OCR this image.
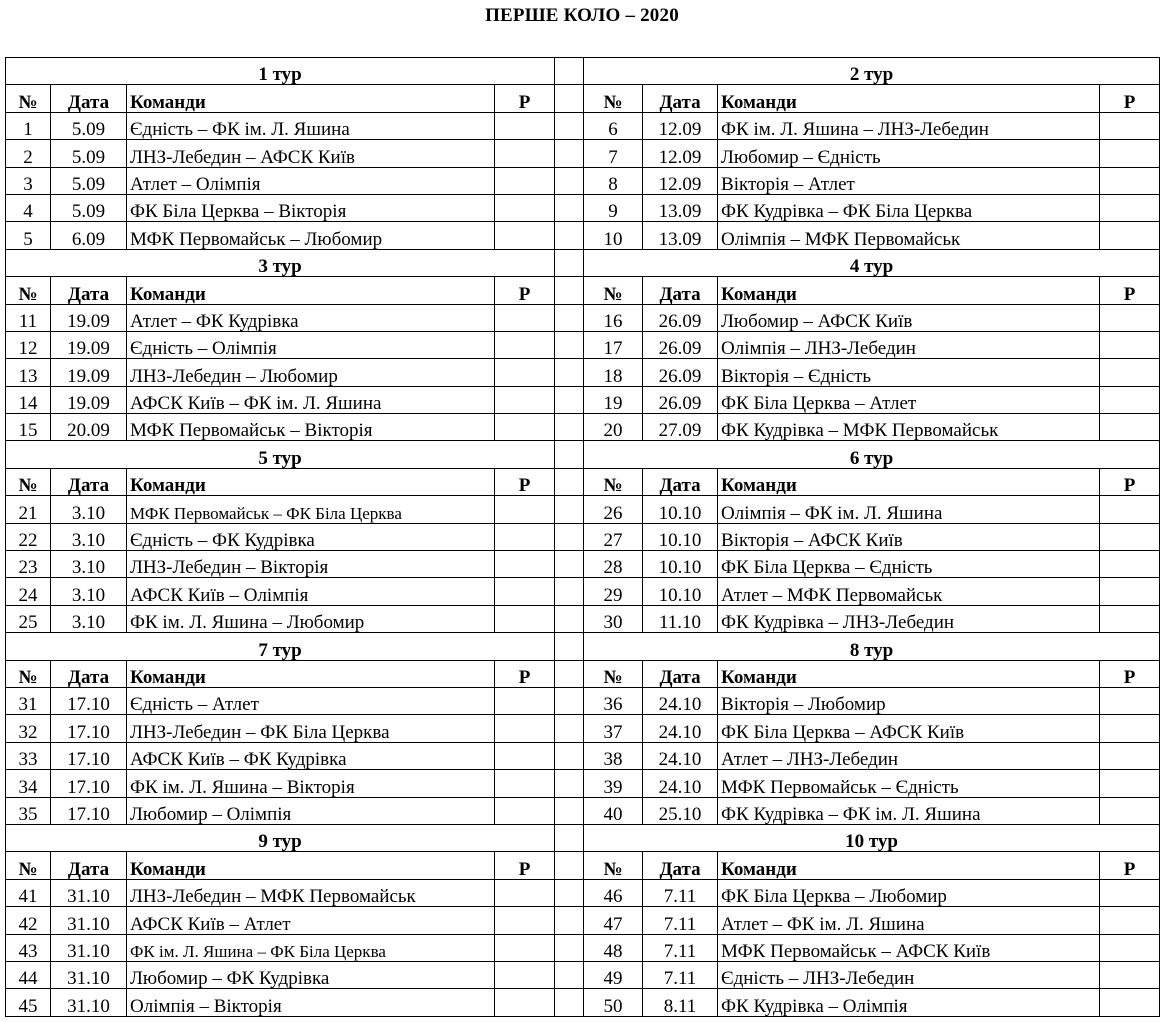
ПЕРШЕ КОЛО – 2020
1 тур					2 тур			
№	Дата	Команди	Р		№	Дата	Команди	Р
1	5.09	Єдність – ФК ім. Л. Яшина			6	12.09	ФК ім. Л. Яшина – ЛНЗ-Лебедин	
2	5.09	ЛНЗ-Лебедин – АФСК Київ			7	12.09	Любомир – Єдність	
3	5.09	Атлет – Олімпія			8	12.09	Вікторія – Атлет	
4	5.09	ФК Біла Церква – Вікторія			9	13.09	ФК Кудрівка – ФК Біла Церква	
5	6.09	МФК Первомайськ – Любомир			10	13.09	Олімпія – МФК Первомайськ	
3 тур					4 тур			
№	Дата	Команди	Р		№	Дата	Команди	Р
11	19.09	Атлет – ФК Кудрівка			16	26.09	Любомир – АФСК Київ	
12	19.09	Єдність – Олімпія			17	26.09	Олімпія – ЛНЗ-Лебедин	
13	19.09	ЛНЗ-Лебедин – Любомир			18	26.09	Вікторія – Єдність	
14	19.09	АФСК Київ – ФК ім. Л. Яшина			19	26.09	ФК Біла Церква – Атлет	
15	20.09	МФК Первомайськ – Вікторія			20	27.09	ФК Кудрівка – МФК Первомайськ	
5 тур					6 тур			
№	Дата	Команди	Р		№	Дата	Команди	Р
21	3.10	МФК Первомайськ – ФК Біла Церква			26	10.10	Олімпія – ФК ім. Л. Яшина	
22	3.10	Єдність – ФК Кудрівка			27	10.10	Вікторія – АФСК Київ	
23	3.10	ЛНЗ-Лебедин – Вікторія			28	10.10	ФК Біла Церква – Єдність	
24	3.10	АФСК Київ – Олімпія			29	10.10	Атлет – МФК Первомайськ	
25	3.10	ФК ім. Л. Яшина – Любомир			30	11.10	ФК Кудрівка – ЛНЗ-Лебедин	
7 тур					8 тур			
№	Дата	Команди	Р		№	Дата	Команди	Р
31	17.10	Єдність – Атлет			36	24.10	Вікторія – Любомир	
32	17.10	ЛНЗ-Лебедин – ФК Біла Церква			37	24.10	ФК Біла Церква – АФСК Київ	
33	17.10	АФСК Київ – ФК Кудрівка			38	24.10	Атлет – ЛНЗ-Лебедин	
34	17.10	ФК ім. Л. Яшина – Вікторія			39	24.10	МФК Первомайськ – Єдність	
35	17.10	Любомир – Олімпія			40	25.10	ФК Кудрівка – ФК ім. Л. Яшина	
9 тур					10 тур			
№	Дата	Команди	Р		№	Дата	Команди	Р
41	31.10	ЛНЗ-Лебедин – МФК Первомайськ			46	7.11	ФК Біла Церква – Любомир	
42	31.10	АФСК Київ – Атлет			47	7.11	Атлет – ФК ім. Л. Яшина	
43	31.10	ФК ім. Л. Яшина – ФК Біла Церква			48	7.11	МФК Первомайськ – АФСК Київ	
44	31.10	Любомир – ФК Кудрівка			49	7.11	Єдність – ЛНЗ-Лебедин	
45	31.10	Олімпія – Вікторія			50	8.11	ФК Кудрівка – Олімпія	
